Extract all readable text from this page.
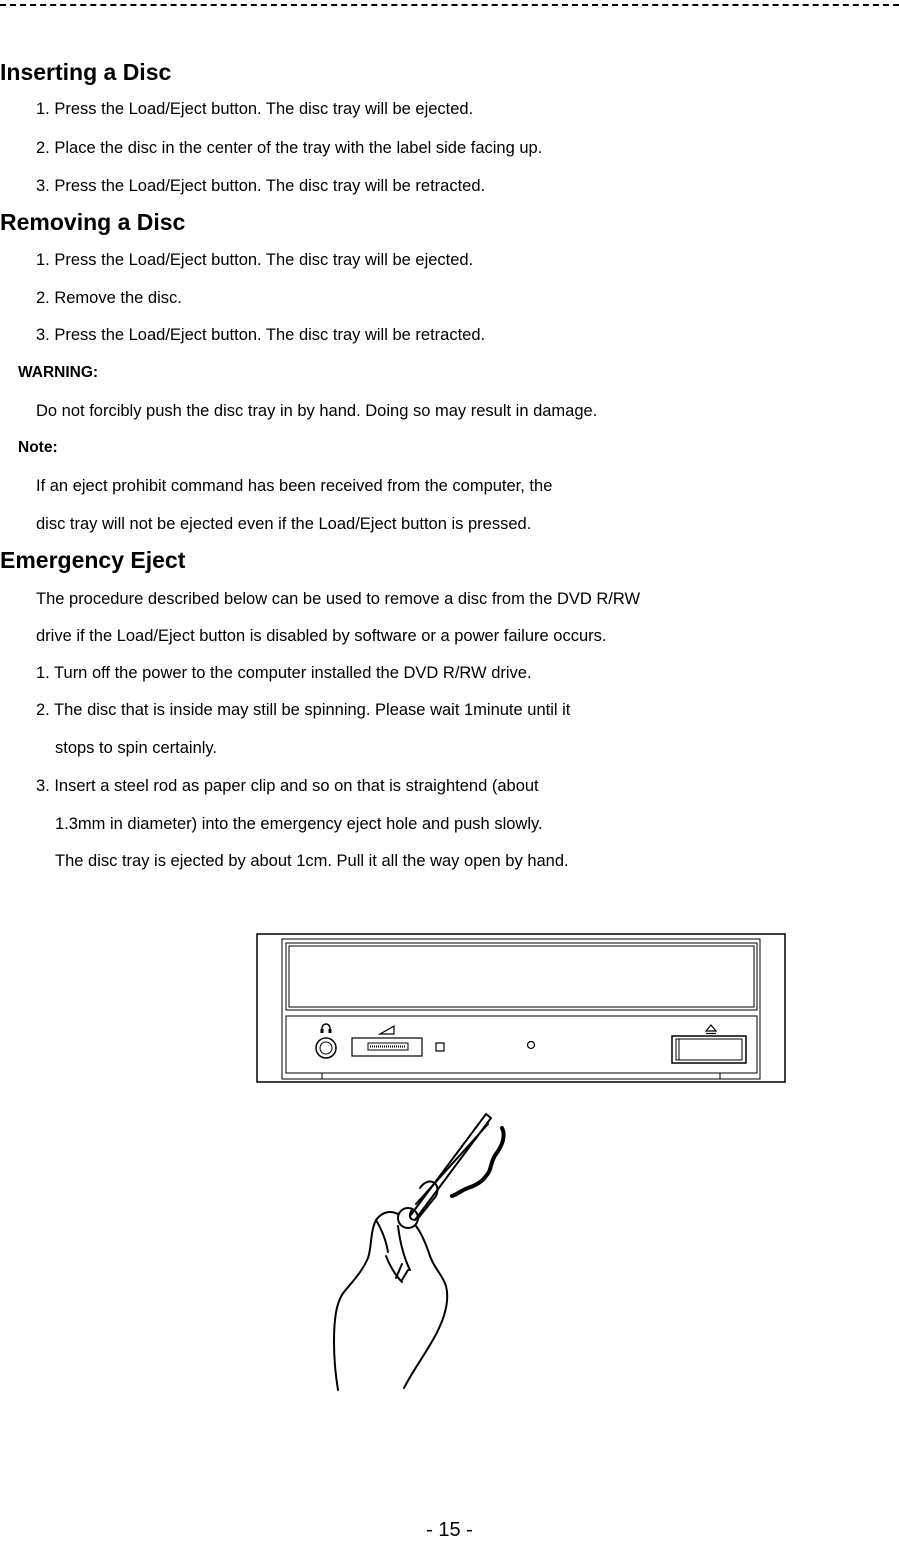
Inserting a Disc
1. Press the Load/Eject button. The disc tray will be ejected.
2. Place the disc in the center of the tray with the label side facing up.
3. Press the Load/Eject button. The disc tray will be retracted.
Removing a Disc
1. Press the Load/Eject button. The disc tray will be ejected.
2. Remove the disc.
3. Press the Load/Eject button. The disc tray will be retracted.
WARNING:
Do not forcibly push the disc tray in by hand. Doing so may result in damage.
Note:
If an eject prohibit command has been received from the computer, the
disc tray will not be ejected even if the Load/Eject button is pressed.
Emergency Eject
The procedure described below can be used to remove a disc from the DVD R/RW
drive if the Load/Eject button is disabled by software or a power failure occurs.
1. Turn off the power to the computer installed the DVD R/RW drive.
2. The disc that is inside may still be spinning. Please wait 1minute until it
stops to spin certainly.
3. Insert a steel rod as paper clip and so on that is straightend (about
1.3mm in diameter) into the emergency eject hole and push slowly.
The disc tray is ejected by about 1cm. Pull it all the way open by hand.
- 15 -
